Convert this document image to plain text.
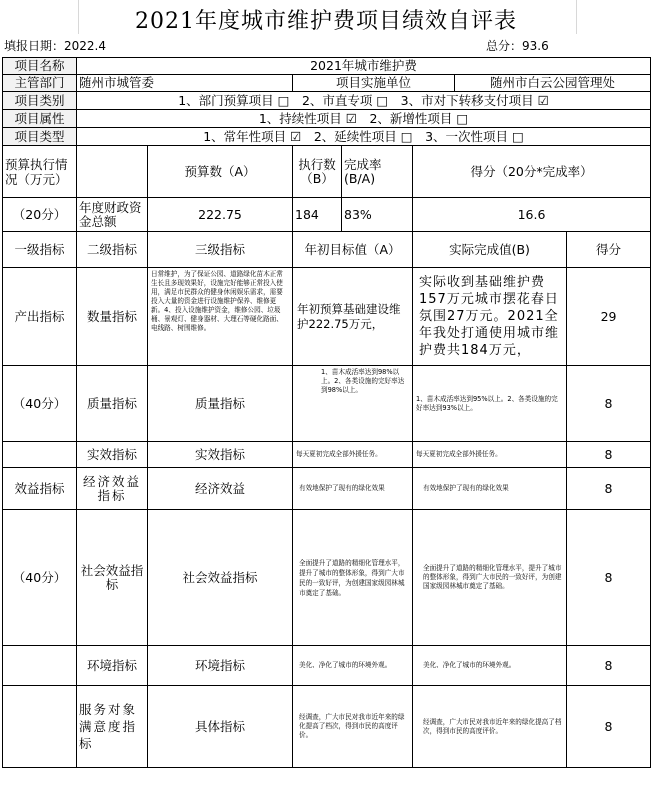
2021年度城市维护费项目绩效自评表
填报日期：2022.4	总分：93.6
项目名称	2021年城市维护费						
主管部门	随州市城管委		项目实施单位			随州市白云公园管理处	
项目类别	1、部门预算项目 □　2、市直专项 □　3、市对下转移支付项目 ☑						
项目属性	1、持续性项目 ☑　2、新增性项目 □						
项目类型	1、常年性项目 ☑　2、延续性项目 □　3、一次性项目 □						
预算执行情况（万元）		预算数（A）	执行数（B）	完成率(B/A)	得分（20分*完成率）		
（20分）	年度财政资金总额	222.75	184	83%	16.6		
一级指标	二级指标	三级指标	年初目标值（A）		实际完成值(B)		得分
产出指标	数量指标	日常维护，为了保证公园、道路绿化苗木正常生长且多现效果好，设施完好能够正常投入使用，满足市民群众的健身休闲娱乐需求，需要投入大量的资金进行设施维护保养、维修更新。4、投入设施维护资金，维修公园、垃圾桶、景观灯、健身器材、大理石等硬化路面、电线路、树围维修。	年初预算基础建设维护222.75万元，		实际收到基础维护费157万元城市摆花春日氛围27万元。2021全年我处打通使用城市维护费共184万元，		29
（40分）	质量指标	质量指标	1、苗木成活率达到98%以上。2、各类设施的完好率达到98%以上。		1、苗木成活率达到95%以上。2、各类设施的完好率达到93%以上。		8
	实效指标	实效指标	每天夏初完成全部外援任务。		每天夏初完成全部外援任务。		8
效益指标	经济效益指标	经济效益	有效地保护了现有的绿化效果		有效地保护了现有的绿化效果		8
（40分）	社会效益指标	社会效益指标	全面提升了道路的精细化管理水平，提升了城市的整体形象，得到广大市民的一致好评，为创建国家级园林城市奠定了基础。		全面提升了道路的精细化管理水平，提升了城市的整体形象，得到广大市民的一致好评，为创建国家级园林城市奠定了基础。		8
	环境指标	环境指标	美化、净化了城市的环境外观。		美化、净化了城市的环境外观。		8
	服务对象满意度指标	具体指标	经调查，广大市民对我市近年来的绿化提高了档次，得到市民的高度评价。		经调查，广大市民对我市近年来的绿化提高了档次，得到市民的高度评价。		8
